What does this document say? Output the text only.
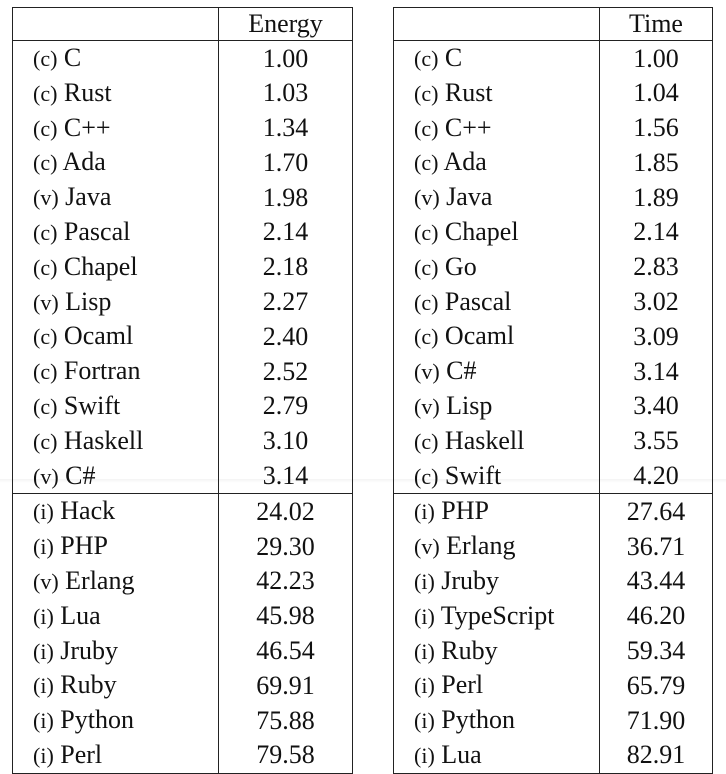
	Energy
(c) C	1.00
(c) Rust	1.03
(c) C++	1.34
(c) Ada	1.70
(v) Java	1.98
(c) Pascal	2.14
(c) Chapel	2.18
(v) Lisp	2.27
(c) Ocaml	2.40
(c) Fortran	2.52
(c) Swift	2.79
(c) Haskell	3.10
(v) C#	3.14
(i) Hack	24.02
(i) PHP	29.30
(v) Erlang	42.23
(i) Lua	45.98
(i) Jruby	46.54
(i) Ruby	69.91
(i) Python	75.88
(i) Perl	79.58
	Time
(c) C	1.00
(c) Rust	1.04
(c) C++	1.56
(c) Ada	1.85
(v) Java	1.89
(c) Chapel	2.14
(c) Go	2.83
(c) Pascal	3.02
(c) Ocaml	3.09
(v) C#	3.14
(v) Lisp	3.40
(c) Haskell	3.55
(c) Swift	4.20
(i) PHP	27.64
(v) Erlang	36.71
(i) Jruby	43.44
(i) TypeScript	46.20
(i) Ruby	59.34
(i) Perl	65.79
(i) Python	71.90
(i) Lua	82.91
